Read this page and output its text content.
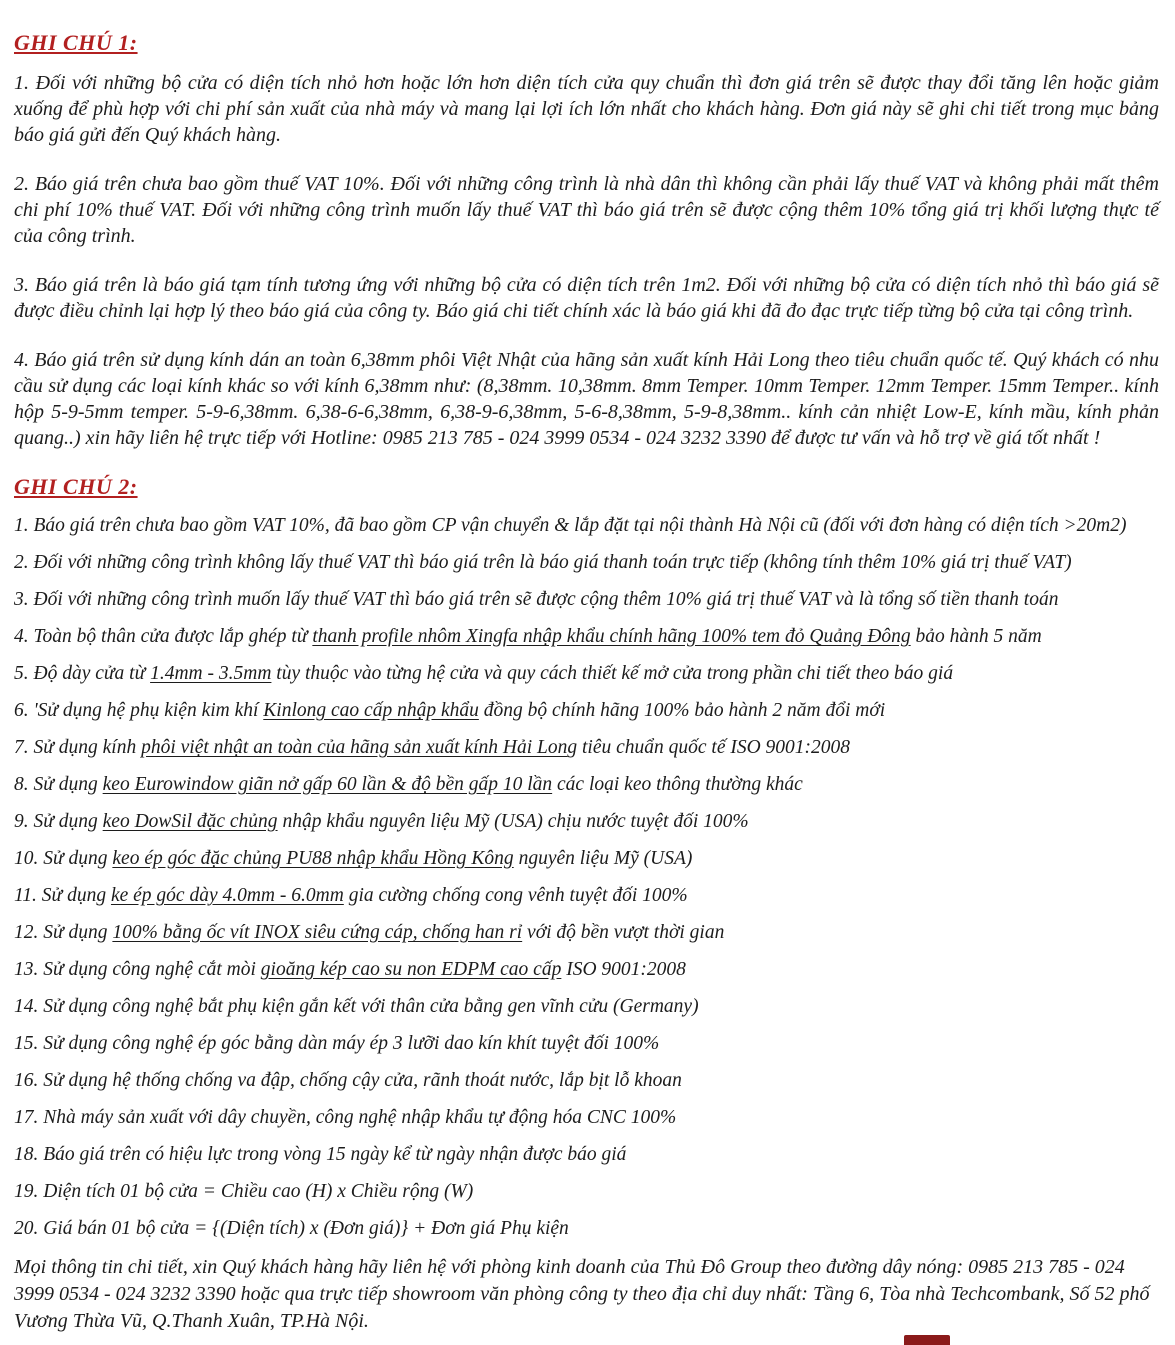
GHI CHÚ 1:

1. Đối với những bộ cửa có diện tích nhỏ hơn hoặc lớn hơn diện tích cửa quy chuẩn thì đơn giá trên sẽ được thay đổi tăng lên hoặc giảm xuống để phù hợp với chi phí sản xuất của nhà máy và mang lại lợi ích lớn nhất cho khách hàng. Đơn giá này sẽ ghi chi tiết trong mục bảng báo giá gửi đến Quý khách hàng.

2. Báo giá trên chưa bao gồm thuế VAT 10%. Đối với những công trình là nhà dân thì không cần phải lấy thuế VAT và không phải mất thêm chi phí 10% thuế VAT. Đối với những công trình muốn lấy thuế VAT thì báo giá trên sẽ được cộng thêm 10% tổng giá trị khối lượng thực tế của công trình.

3. Báo giá trên là báo giá tạm tính tương ứng với những bộ cửa có diện tích trên 1m2. Đối với những bộ cửa có diện tích nhỏ thì báo giá sẽ được điều chỉnh lại hợp lý theo báo giá của công ty. Báo giá chi tiết chính xác là báo giá khi đã đo đạc trực tiếp từng bộ cửa tại công trình.

4. Báo giá trên sử dụng kính dán an toàn 6,38mm phôi Việt Nhật của hãng sản xuất kính Hải Long theo tiêu chuẩn quốc tế. Quý khách có nhu cầu sử dụng các loại kính khác so với kính 6,38mm như: (8,38mm. 10,38mm. 8mm Temper. 10mm Temper. 12mm Temper. 15mm Temper.. kính hộp 5-9-5mm temper. 5-9-6,38mm. 6,38-6-6,38mm, 6,38-9-6,38mm, 5-6-8,38mm, 5-9-8,38mm.. kính cản nhiệt Low-E, kính mầu, kính phản quang..) xin hãy liên hệ trực tiếp với Hotline: 0985 213 785 - 024 3999 0534 - 024 3232 3390 để được tư vấn và hỗ trợ về giá tốt nhất !

GHI CHÚ 2:
1. Báo giá trên chưa bao gồm VAT 10%, đã bao gồm CP vận chuyển & lắp đặt tại nội thành Hà Nội cũ (đối với đơn hàng có diện tích >20m2)
2. Đối với những công trình không lấy thuế VAT thì báo giá trên là báo giá thanh toán trực tiếp (không tính thêm 10% giá trị thuế VAT)
3. Đối với những công trình muốn lấy thuế VAT thì báo giá trên sẽ được cộng thêm 10% giá trị thuế VAT và là tổng số tiền thanh toán
4. Toàn bộ thân cửa được lắp ghép từ thanh profile nhôm Xingfa nhập khẩu chính hãng 100% tem đỏ Quảng Đông bảo hành 5 năm
5. Độ dày cửa từ 1.4mm - 3.5mm tùy thuộc vào từng hệ cửa và quy cách thiết kế mở cửa trong phần chi tiết theo báo giá
6. 'Sử dụng hệ phụ kiện kim khí Kinlong cao cấp nhập khẩu đồng bộ chính hãng 100% bảo hành 2 năm đổi mới
7. Sử dụng kính phôi việt nhật an toàn của hãng sản xuất kính Hải Long tiêu chuẩn quốc tế ISO 9001:2008
8. Sử dụng keo Eurowindow giãn nở gấp 60 lần & độ bền gấp 10 lần các loại keo thông thường khác
9. Sử dụng keo DowSil đặc chủng nhập khẩu nguyên liệu Mỹ (USA) chịu nước tuyệt đối 100%
10. Sử dụng keo ép góc đặc chủng PU88 nhập khẩu Hồng Kông nguyên liệu Mỹ (USA)
11. Sử dụng ke ép góc dày 4.0mm - 6.0mm gia cường chống cong vênh tuyệt đối 100%
12. Sử dụng 100% bằng ốc vít INOX siêu cứng cáp, chống han rỉ với độ bền vượt thời gian
13. Sử dụng công nghệ cắt mòi gioăng kép cao su non EDPM cao cấp ISO 9001:2008
14. Sử dụng công nghệ bắt phụ kiện gắn kết với thân cửa bằng gen vĩnh cửu (Germany)
15. Sử dụng công nghệ ép góc bằng dàn máy ép 3 lưỡi dao kín khít tuyệt đối 100%
16. Sử dụng hệ thống chống va đập, chống cậy cửa, rãnh thoát nước, lắp bịt lỗ khoan
17. Nhà máy sản xuất với dây chuyền, công nghệ nhập khẩu tự động hóa CNC 100%
18. Báo giá trên có hiệu lực trong vòng 15 ngày kể từ ngày nhận được báo giá
19. Diện tích 01 bộ cửa = Chiều cao (H) x Chiều rộng (W)
20. Giá bán 01 bộ cửa = {(Diện tích) x (Đơn giá)} + Đơn giá Phụ kiện

Mọi thông tin chi tiết, xin Quý khách hàng hãy liên hệ với phòng kinh doanh của Thủ Đô Group theo đường dây nóng: 0985 213 785 - 024 3999 0534 - 024 3232 3390 hoặc qua trực tiếp showroom văn phòng công ty theo địa chỉ duy nhất: Tầng 6, Tòa nhà Techcombank, Số 52 phố Vương Thừa Vũ, Q.Thanh Xuân, TP.Hà Nội.
